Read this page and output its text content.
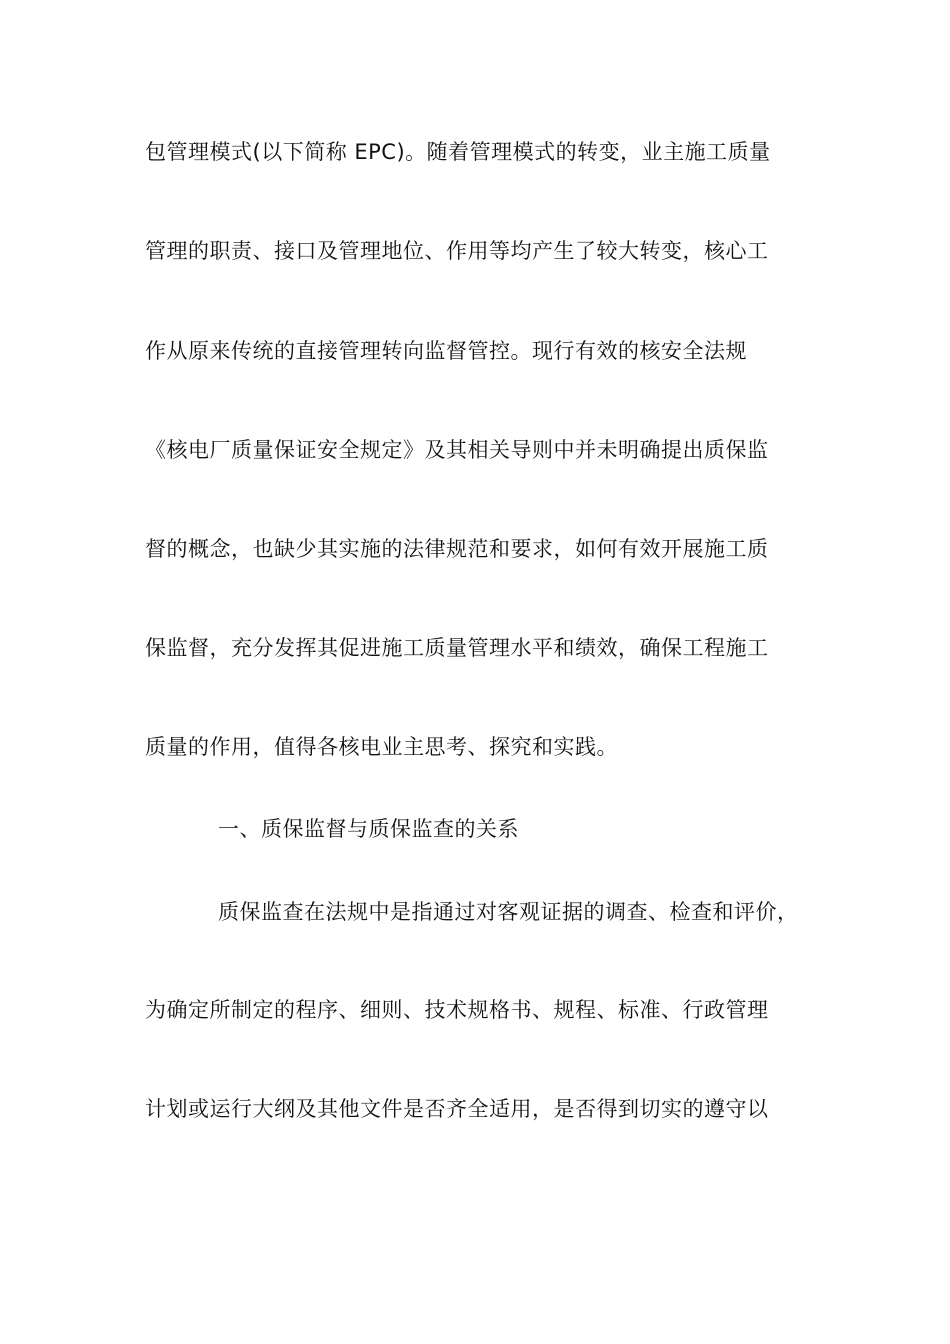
包管理模式(以下简称 EPC)。随着管理模式的转变，业主施工质量
管理的职责、接口及管理地位、作用等均产生了较大转变，核心工
作从原来传统的直接管理转向监督管控。现行有效的核安全法规
《核电厂质量保证安全规定》及其相关导则中并未明确提出质保监
督的概念，也缺少其实施的法律规范和要求，如何有效开展施工质
保监督，充分发挥其促进施工质量管理水平和绩效，确保工程施工
质量的作用，值得各核电业主思考、探究和实践。
一、质保监督与质保监查的关系
质保监查在法规中是指通过对客观证据的调查、检查和评价，
为确定所制定的程序、细则、技术规格书、规程、标准、行政管理
计划或运行大纲及其他文件是否齐全适用，是否得到切实的遵守以
